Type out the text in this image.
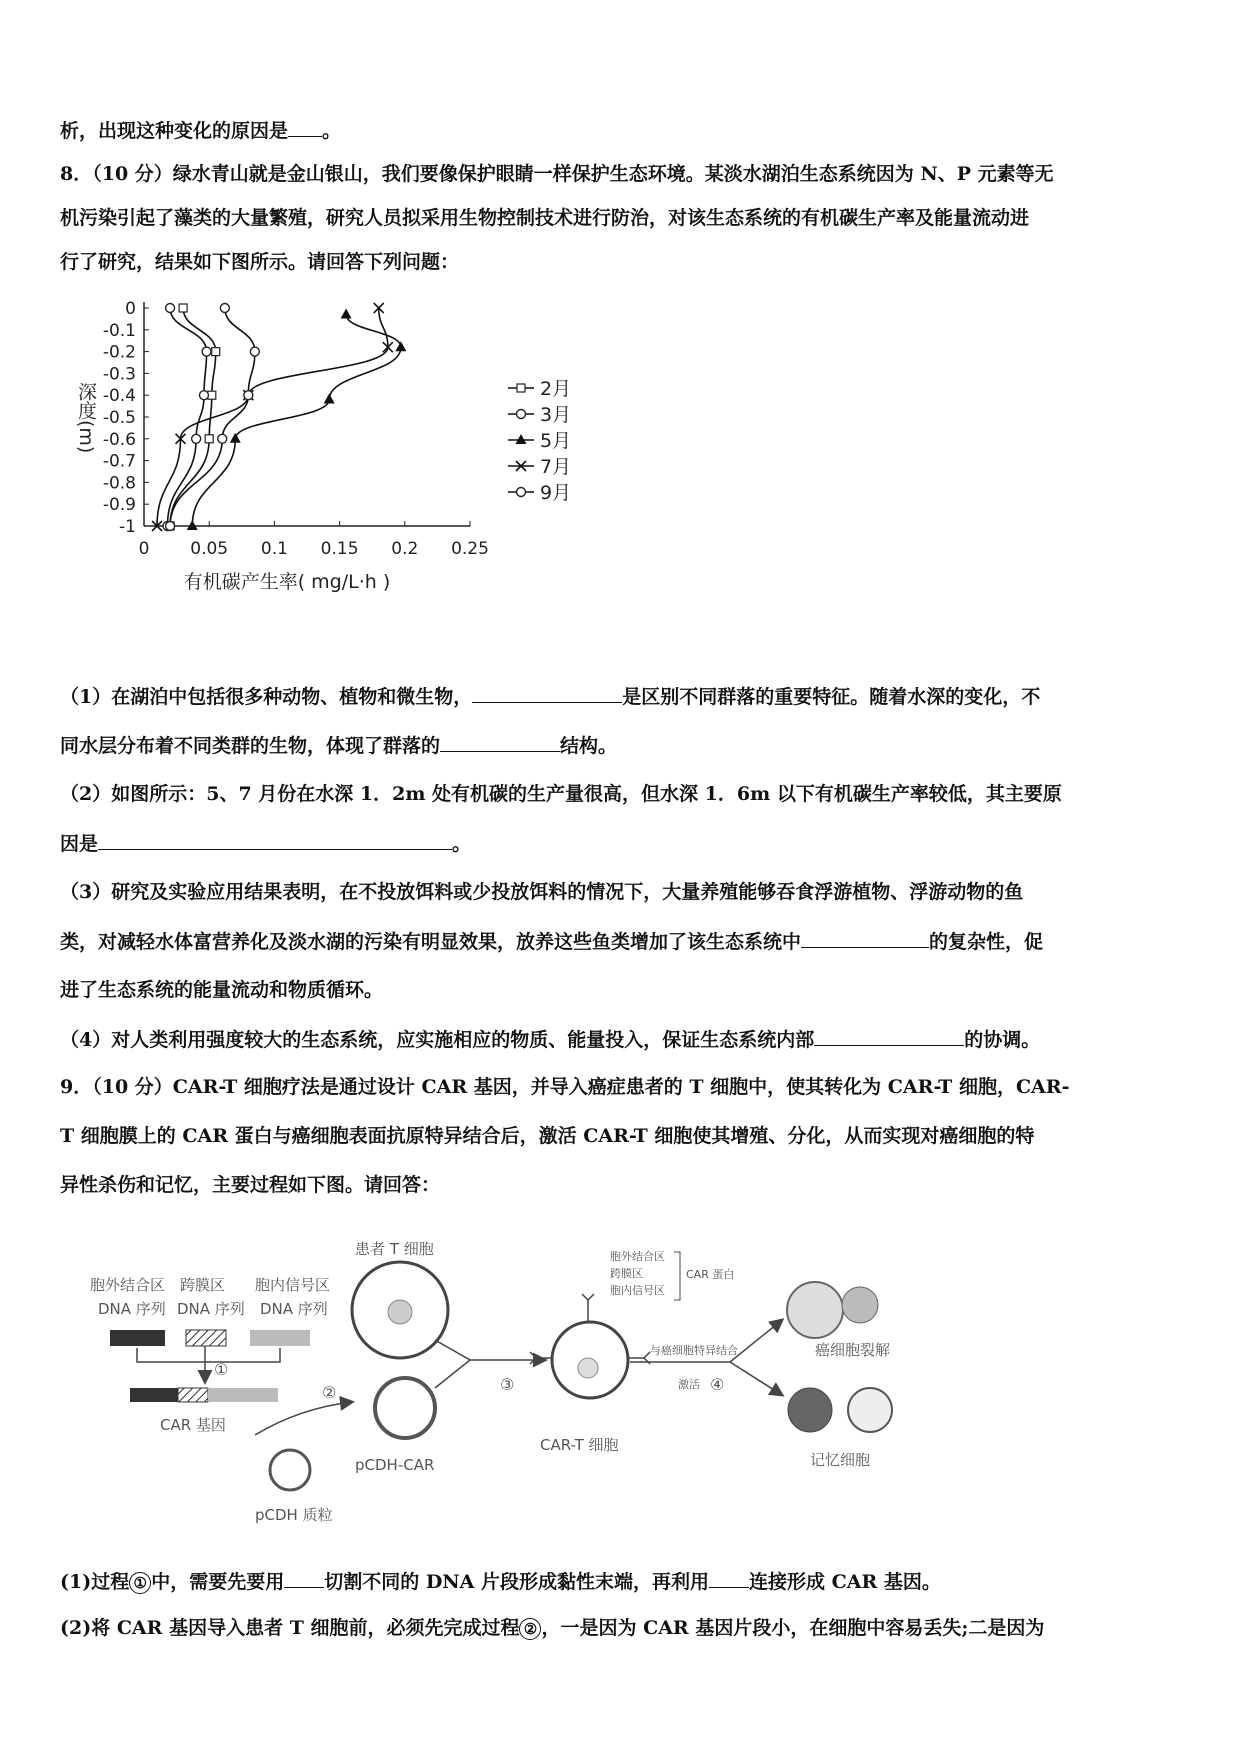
析，出现这种变化的原因是 。

8．（10 分）绿水青山就是金山银山，我们要像保护眼睛一样保护生态环境。某淡水湖泊生态系统因为 N、P 元素等无

机污染引起了藻类的大量繁殖，研究人员拟采用生物控制技术进行防治，对该生态系统的有机碳生产率及能量流动进

行了研究，结果如下图所示。请回答下列问题：

0
-0.1
-0.2
-0.3
-0.4
-0.5
-0.6
-0.7
-0.8
-0.9
-1
0 0.05 0.1 0.15 0.2 0.25
有机碳产生率( mg/L·h )
深度(m)	2月
3月
5月
7月
9月

（1）在湖泊中包括很多种动物、植物和微生物，	是区别不同群落的重要特征。随着水深的变化，不

同水层分布着不同类群的生物，体现了群落的	结构。

（2）如图所示：5、7 月份在水深 1．2m 处有机碳的生产量很高，但水深 1．6m 以下有机碳生产率较低，其主要原

因是	。

（3）研究及实验应用结果表明，在不投放饵料或少投放饵料的情况下，大量养殖能够吞食浮游植物、浮游动物的鱼

类，对减轻水体富营养化及淡水湖的污染有明显效果，放养这些鱼类增加了该生态系统中	的复杂性，促

进了生态系统的能量流动和物质循环。

（4）对人类利用强度较大的生态系统，应实施相应的物质、能量投入，保证生态系统内部	的协调。

9．（10 分）CAR-T 细胞疗法是通过设计 CAR 基因，并导入癌症患者的 T 细胞中，使其转化为 CAR-T 细胞，CAR-

T 细胞膜上的 CAR 蛋白与癌细胞表面抗原特异结合后，激活 CAR-T 细胞使其增殖、分化，从而实现对癌细胞的特

异性杀伤和记忆，主要过程如下图。请回答：

胞外结合区 跨膜区 胞内信号区
DNA 序列 DNA 序列 DNA 序列
①
CAR 基因
pCDH 质粒
②
pCDH-CAR
患者 T 细胞
③
胞外结合区
跨膜区
胞内信号区
CAR 蛋白
与癌细胞特异结合
激活 ④
CAR-T 细胞
癌细胞裂解
记忆细胞

(1)过程 ① 中，需要先要用 切割不同的 DNA 片段形成黏性末端，再利用 连接形成 CAR 基因。

(2)将 CAR 基因导入患者 T 细胞前，必须先完成过程 ② ，一是因为 CAR 基因片段小，在细胞中容易丢失;二是因为
